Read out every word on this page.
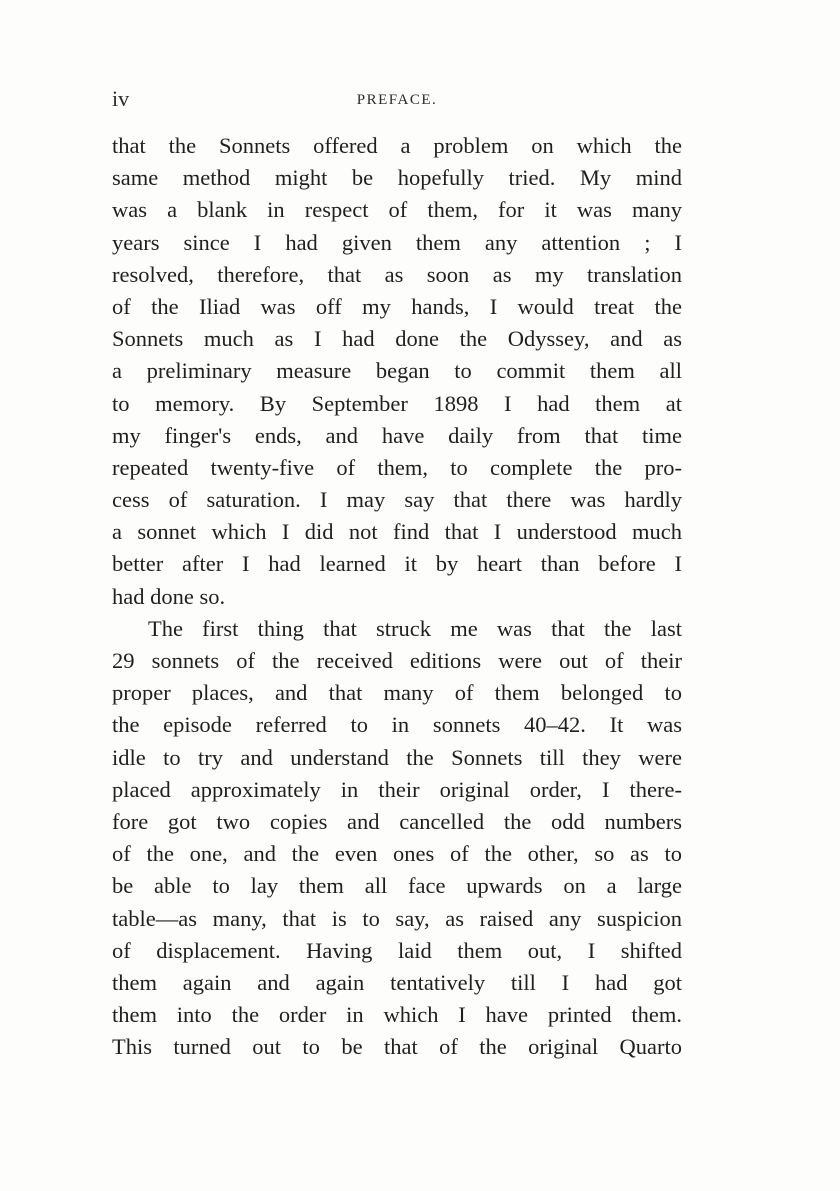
iv	PREFACE.
that the Sonnets offered a problem on which the
same method might be hopefully tried. My mind
was a blank in respect of them, for it was many
years since I had given them any attention ; I
resolved, therefore, that as soon as my translation
of the Iliad was off my hands, I would treat the
Sonnets much as I had done the Odyssey, and as
a preliminary measure began to commit them all
to memory. By September 1898 I had them at
my finger's ends, and have daily from that time
repeated twenty-five of them, to complete the pro-
cess of saturation. I may say that there was hardly
a sonnet which I did not find that I understood much
better after I had learned it by heart than before I
had done so.
The first thing that struck me was that the last
29 sonnets of the received editions were out of their
proper places, and that many of them belonged to
the episode referred to in sonnets 40–42. It was
idle to try and understand the Sonnets till they were
placed approximately in their original order, I there-
fore got two copies and cancelled the odd numbers
of the one, and the even ones of the other, so as to
be able to lay them all face upwards on a large
table—as many, that is to say, as raised any suspicion
of displacement. Having laid them out, I shifted
them again and again tentatively till I had got
them into the order in which I have printed them.
This turned out to be that of the original Quarto
